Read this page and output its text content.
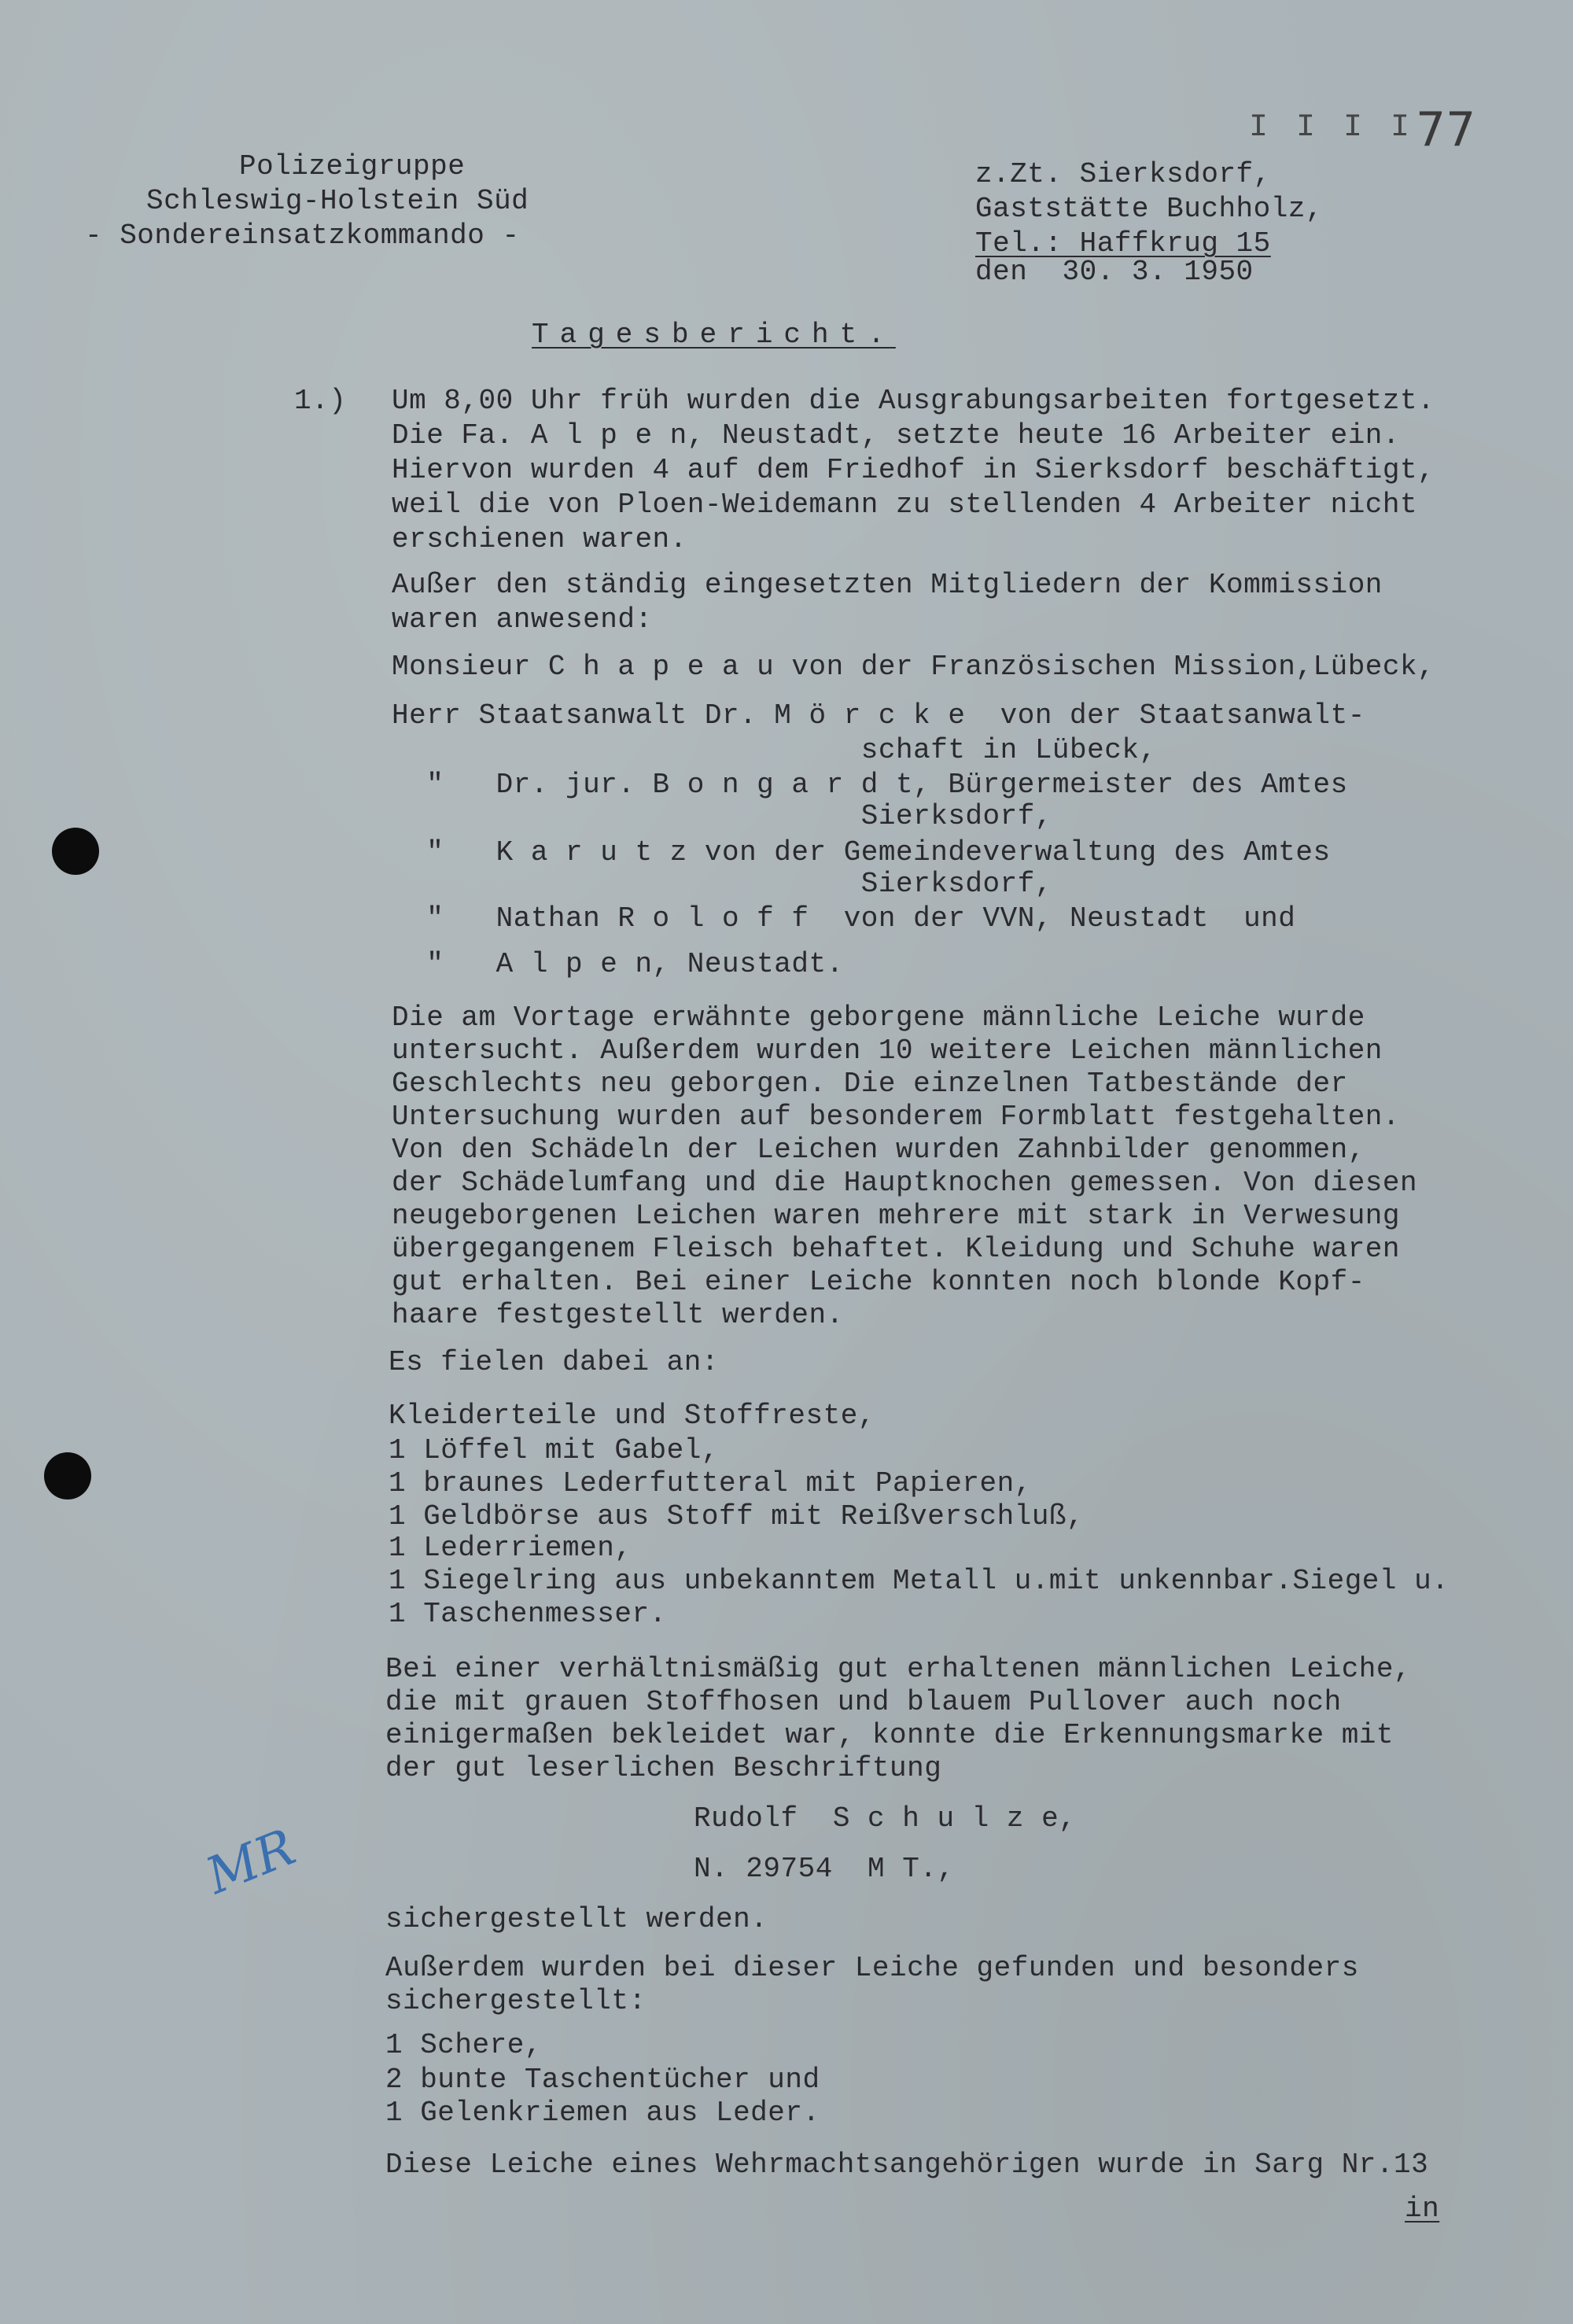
I I I I 77
Polizeigruppe
Schleswig-Holstein Süd
- Sondereinsatzkommando -
z.Zt. Sierksdorf,
Gaststätte Buchholz,
Tel.: Haffkrug 15
den  30. 3. 1950
Tagesbericht.
1.) Um 8,00 Uhr früh wurden die Ausgrabungsarbeiten fortgesetzt.
Die Fa. A l p e n, Neustadt, setzte heute 16 Arbeiter ein.
Hiervon wurden 4 auf dem Friedhof in Sierksdorf beschäftigt,
weil die von Ploen-Weidemann zu stellenden 4 Arbeiter nicht
erschienen waren.
Außer den ständig eingesetzten Mitgliedern der Kommission
waren anwesend:
Monsieur C h a p e a u von der Französischen Mission,Lübeck,
Herr Staatsanwalt Dr. M ö r c k e  von der Staatsanwalt-
schaft in Lübeck,
"   Dr. jur. B o n g a r d t, Bürgermeister des Amtes
Sierksdorf,
"   K a r u t z von der Gemeindeverwaltung des Amtes
Sierksdorf,
"   Nathan R o l o f f  von der VVN, Neustadt  und
"   A l p e n, Neustadt.
Die am Vortage erwähnte geborgene männliche Leiche wurde
untersucht. Außerdem wurden 10 weitere Leichen männlichen
Geschlechts neu geborgen. Die einzelnen Tatbestände der
Untersuchung wurden auf besonderem Formblatt festgehalten.
Von den Schädeln der Leichen wurden Zahnbilder genommen,
der Schädelumfang und die Hauptknochen gemessen. Von diesen
neugeborgenen Leichen waren mehrere mit stark in Verwesung
übergegangenem Fleisch behaftet. Kleidung und Schuhe waren
gut erhalten. Bei einer Leiche konnten noch blonde Kopf-
haare festgestellt werden.
Es fielen dabei an:
Kleiderteile und Stoffreste,
1 Löffel mit Gabel,
1 braunes Lederfutteral mit Papieren,
1 Geldbörse aus Stoff mit Reißverschluß,
1 Lederriemen,
1 Siegelring aus unbekanntem Metall u.mit unkennbar.Siegel u.
1 Taschenmesser.
Bei einer verhältnismäßig gut erhaltenen männlichen Leiche,
die mit grauen Stoffhosen und blauem Pullover auch noch
einigermaßen bekleidet war, konnte die Erkennungsmarke mit
der gut leserlichen Beschriftung
Rudolf  S c h u l z e,
N. 29754  M T.,
MR
sichergestellt werden.
Außerdem wurden bei dieser Leiche gefunden und besonders
sichergestellt:
1 Schere,
2 bunte Taschentücher und
1 Gelenkriemen aus Leder.
Diese Leiche eines Wehrmachtsangehörigen wurde in Sarg Nr.13
in
